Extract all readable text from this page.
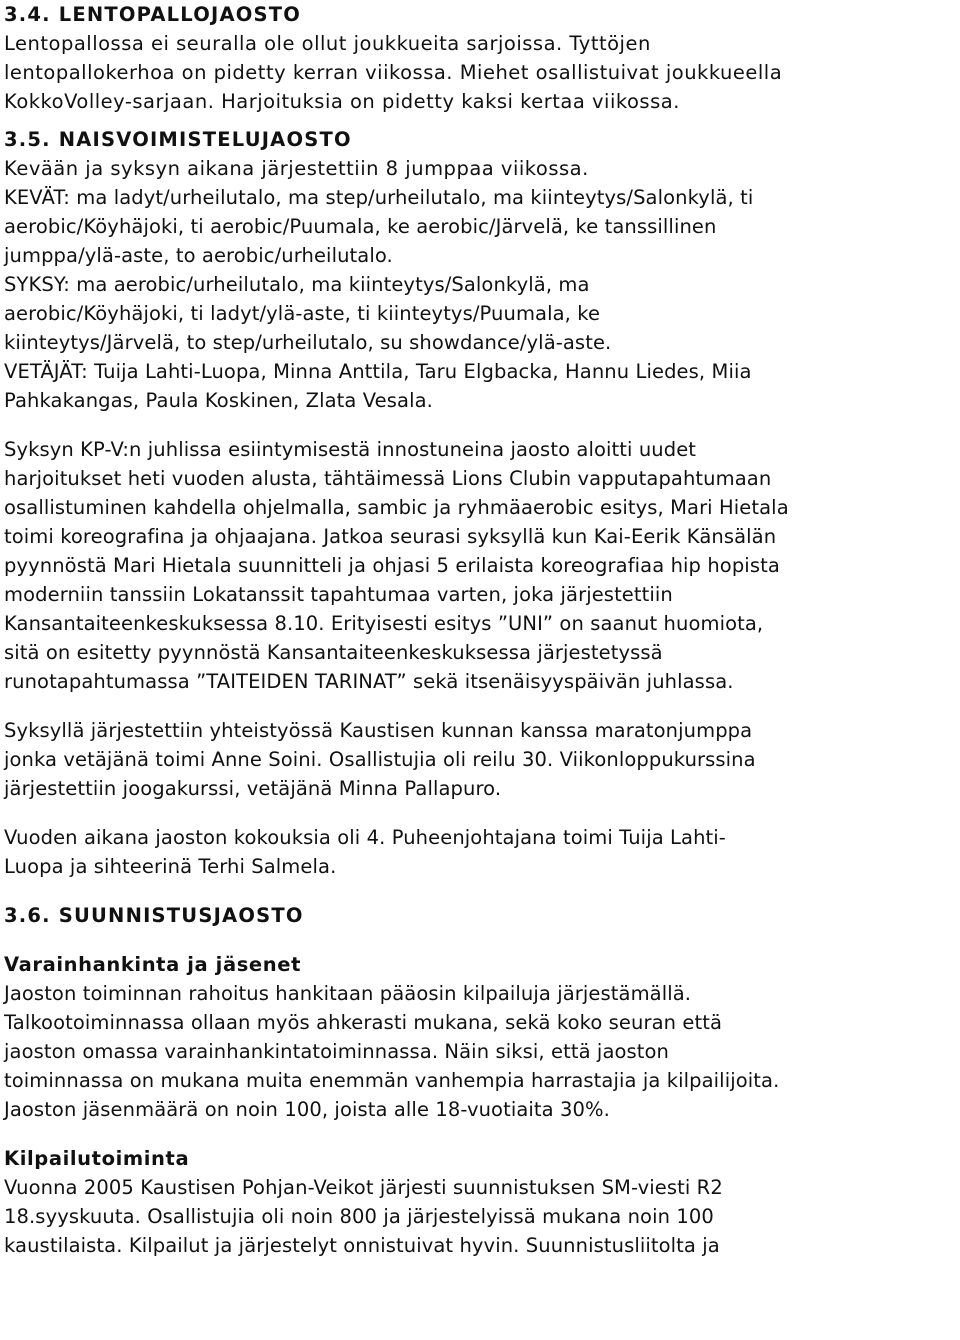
3.4. LENTOPALLOJAOSTO

Lentopallossa ei seuralla ole ollut joukkueita sarjoissa. Tyttöjen

lentopallokerhoa on pidetty kerran viikossa. Miehet osallistuivat joukkueella

KokkoVolley-sarjaan. Harjoituksia on pidetty kaksi kertaa viikossa.

3.5. NAISVOIMISTELUJAOSTO

Kevään ja syksyn aikana järjestettiin 8 jumppaa viikossa.

KEVÄT: ma ladyt/urheilutalo, ma step/urheilutalo, ma kiinteytys/Salonkylä, ti

aerobic/Köyhäjoki, ti aerobic/Puumala, ke aerobic/Järvelä, ke tanssillinen

jumppa/ylä-aste, to aerobic/urheilutalo.

SYKSY: ma aerobic/urheilutalo, ma kiinteytys/Salonkylä, ma

aerobic/Köyhäjoki, ti ladyt/ylä-aste, ti kiinteytys/Puumala, ke

kiinteytys/Järvelä, to step/urheilutalo, su showdance/ylä-aste.

VETÄJÄT: Tuija Lahti-Luopa, Minna Anttila, Taru Elgbacka, Hannu Liedes, Miia

Pahkakangas, Paula Koskinen, Zlata Vesala.

Syksyn KP-V:n juhlissa esiintymisestä innostuneina jaosto aloitti uudet

harjoitukset heti vuoden alusta, tähtäimessä Lions Clubin vapputapahtumaan

osallistuminen kahdella ohjelmalla, sambic ja ryhmäaerobic esitys, Mari Hietala

toimi koreografina ja ohjaajana. Jatkoa seurasi syksyllä kun Kai-Eerik Känsälän

pyynnöstä Mari Hietala suunnitteli ja ohjasi 5 erilaista koreografiaa hip hopista

moderniin tanssiin Lokatanssit tapahtumaa varten, joka järjestettiin

Kansantaiteenkeskuksessa 8.10. Erityisesti esitys ”UNI” on saanut huomiota,

sitä on esitetty pyynnöstä Kansantaiteenkeskuksessa järjestetyssä

runotapahtumassa ”TAITEIDEN TARINAT” sekä itsenäisyyspäivän juhlassa.

Syksyllä järjestettiin yhteistyössä Kaustisen kunnan kanssa maratonjumppa

jonka vetäjänä toimi Anne Soini. Osallistujia oli reilu 30. Viikonloppukurssina

järjestettiin joogakurssi, vetäjänä Minna Pallapuro.

Vuoden aikana jaoston kokouksia oli 4. Puheenjohtajana toimi Tuija Lahti-

Luopa ja sihteerinä Terhi Salmela.

3.6. SUUNNISTUSJAOSTO

Varainhankinta ja jäsenet

Jaoston toiminnan rahoitus hankitaan pääosin kilpailuja järjestämällä.

Talkootoiminnassa ollaan myös ahkerasti mukana, sekä koko seuran että

jaoston omassa varainhankintatoiminnassa. Näin siksi, että jaoston

toiminnassa on mukana muita enemmän vanhempia harrastajia ja kilpailijoita.

Jaoston jäsenmäärä on noin 100, joista alle 18-vuotiaita 30%.

Kilpailutoiminta

Vuonna 2005 Kaustisen Pohjan-Veikot järjesti suunnistuksen SM-viesti R2

18.syyskuuta. Osallistujia oli noin 800 ja järjestelyissä mukana noin 100

kaustilaista. Kilpailut ja järjestelyt onnistuivat hyvin. Suunnistusliitolta ja
